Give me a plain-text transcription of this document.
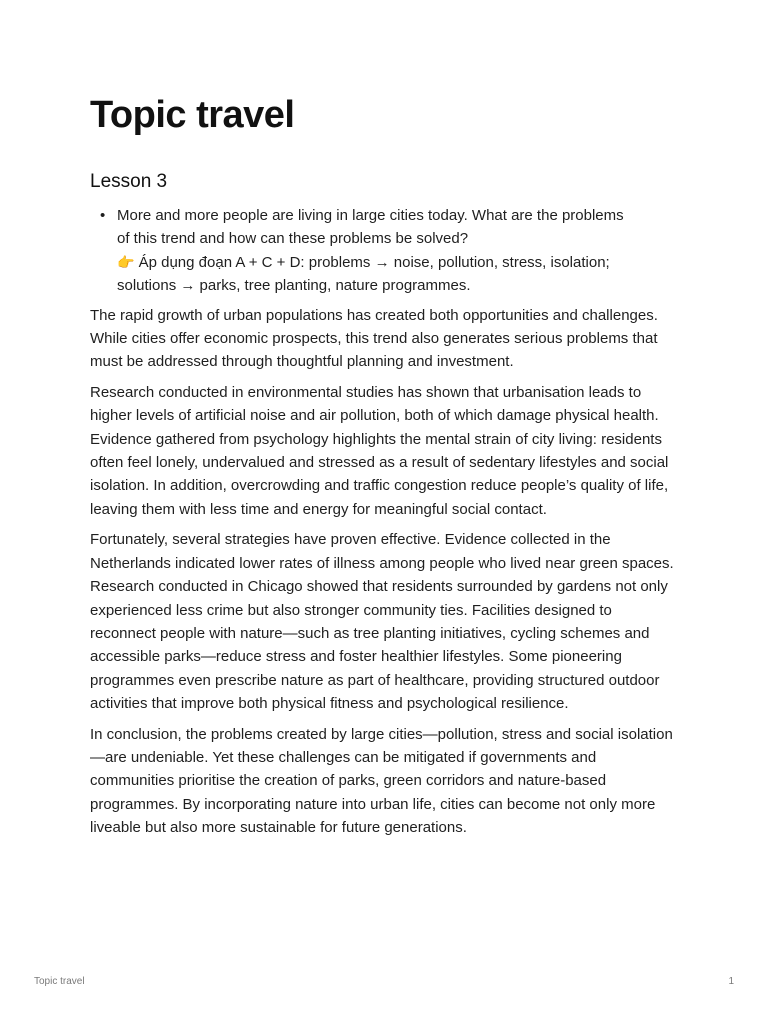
Topic travel
Lesson 3
• More and more people are living in large cities today. What are the problems
of this trend and how can these problems be solved?
👉 Áp dụng đoạn A + C + D: problems → noise, pollution, stress, isolation;
solutions → parks, tree planting, nature programmes.

The rapid growth of urban populations has created both opportunities and challenges. While cities offer economic prospects, this trend also generates serious problems that must be addressed through thoughtful planning and investment.

Research conducted in environmental studies has shown that urbanisation leads to higher levels of artificial noise and air pollution, both of which damage physical health. Evidence gathered from psychology highlights the mental strain of city living: residents often feel lonely, undervalued and stressed as a result of sedentary lifestyles and social isolation. In addition, overcrowding and traffic congestion reduce people’s quality of life, leaving them with less time and energy for meaningful social contact.

Fortunately, several strategies have proven effective. Evidence collected in the Netherlands indicated lower rates of illness among people who lived near green spaces. Research conducted in Chicago showed that residents surrounded by gardens not only experienced less crime but also stronger community ties. Facilities designed to reconnect people with nature—such as tree planting initiatives, cycling schemes and accessible parks—reduce stress and foster healthier lifestyles. Some pioneering programmes even prescribe nature as part of healthcare, providing structured outdoor activities that improve both physical fitness and psychological resilience.

In conclusion, the problems created by large cities—pollution, stress and social isolation—are undeniable. Yet these challenges can be mitigated if governments and communities prioritise the creation of parks, green corridors and nature-based programmes. By incorporating nature into urban life, cities can become not only more liveable but also more sustainable for future generations.

Topic travel	1
